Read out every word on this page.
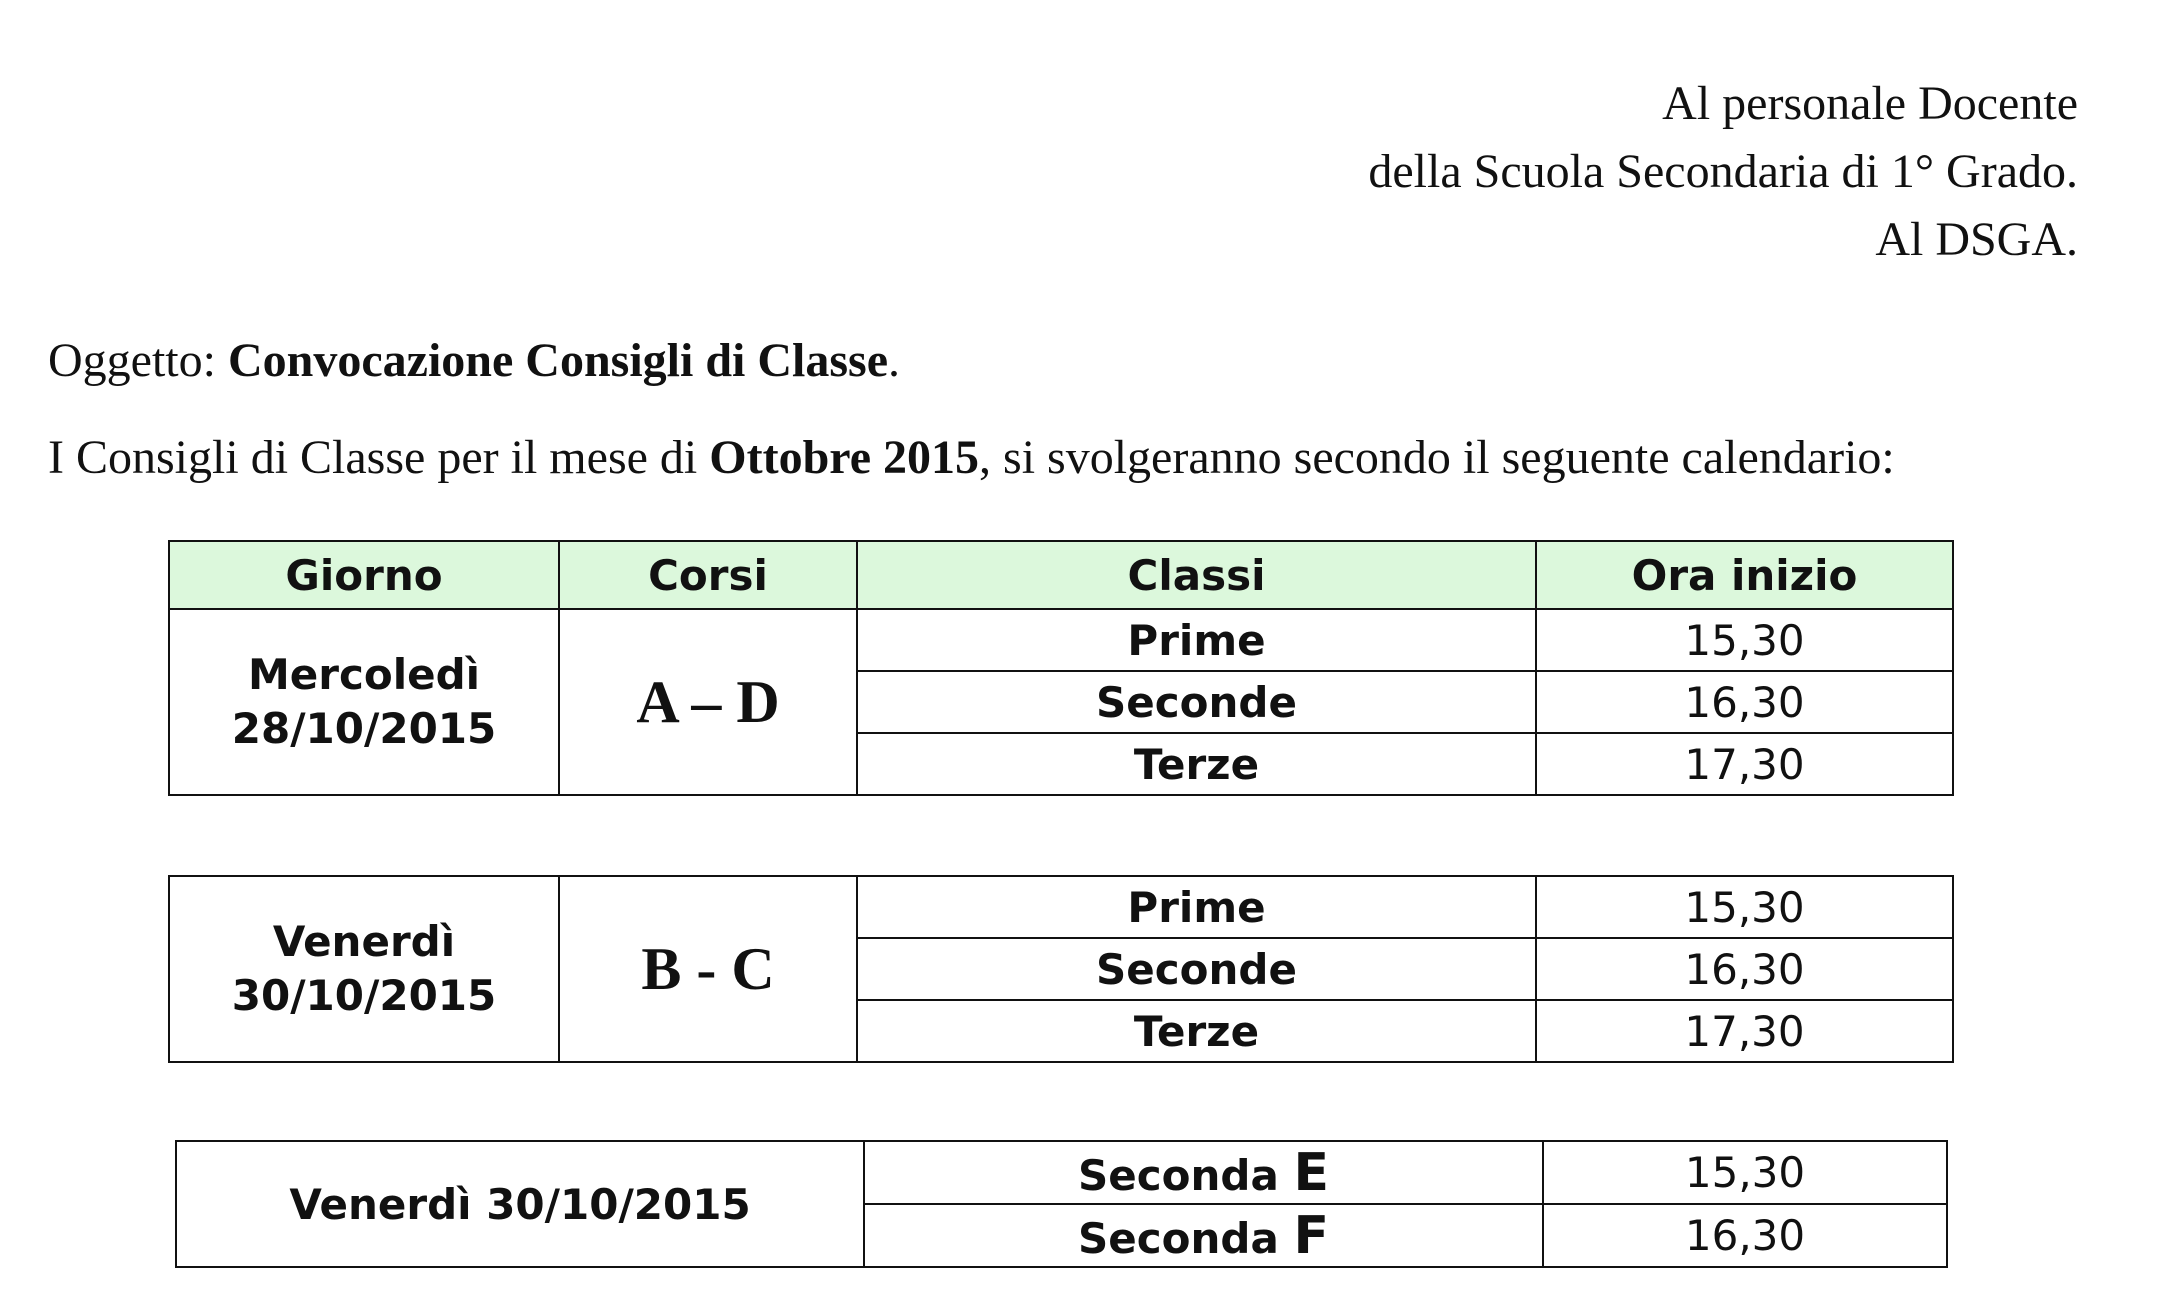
Al personale Docente
della Scuola Secondaria di 1° Grado.
Al DSGA.
Oggetto: Convocazione Consigli di Classe.
I Consigli di Classe per il mese di Ottobre 2015, si svolgeranno secondo il seguente calendario:
Giorno	Corsi	Classi	Ora inizio

Mercoledì
28/10/2015	A – D	Prime	15,30
		Seconde	16,30
		Terze	17,30
Venerdì
30/10/2015	B - C	Prime	15,30
		Seconde	16,30
		Terze	17,30
Venerdì 30/10/2015	Seconda E	15,30
	Seconda F	16,30
